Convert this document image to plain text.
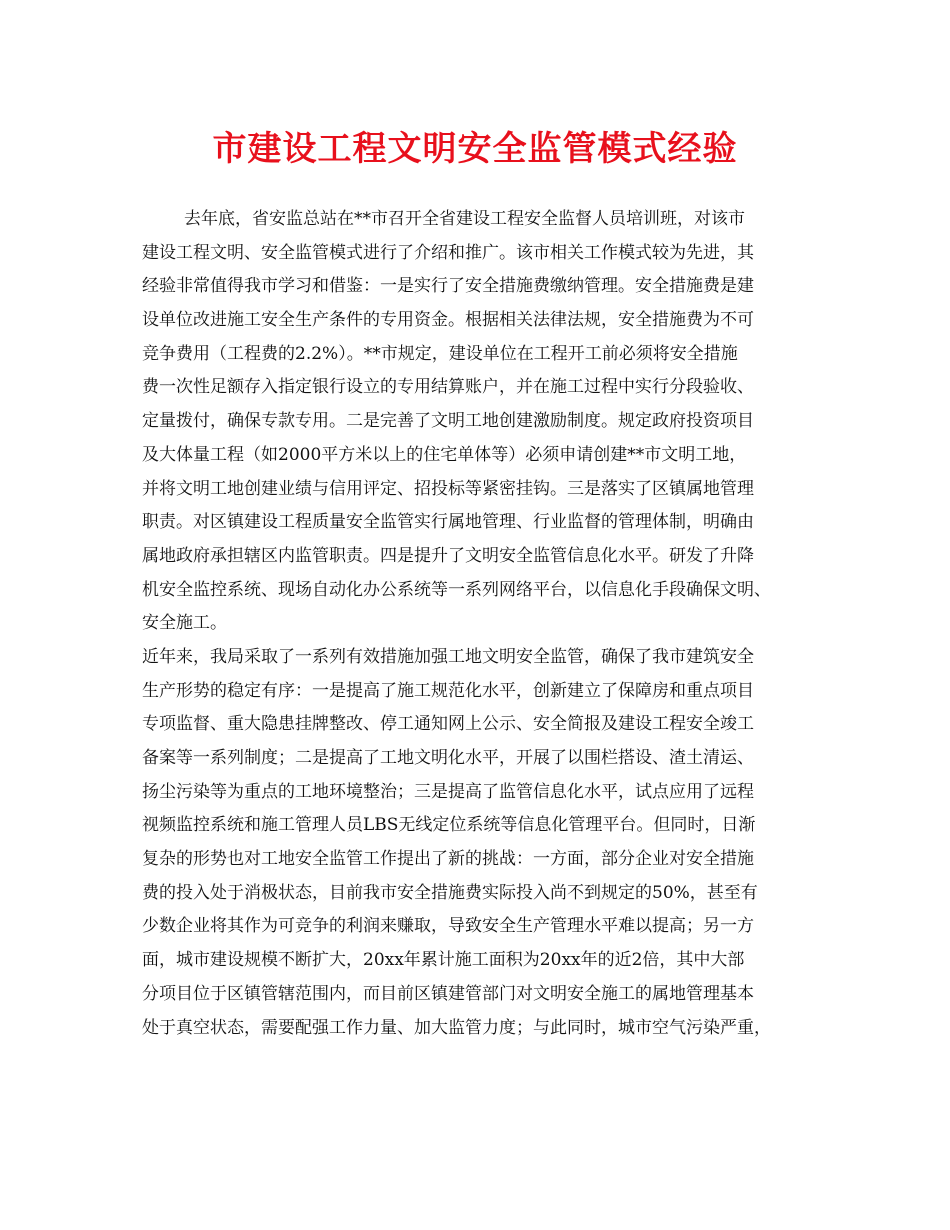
市建设工程文明安全监管模式经验
去年底，省安监总站在**市召开全省建设工程安全监督人员培训班，对该市
建设工程文明、安全监管模式进行了介绍和推广。该市相关工作模式较为先进，其
经验非常值得我市学习和借鉴：一是实行了安全措施费缴纳管理。安全措施费是建
设单位改进施工安全生产条件的专用资金。根据相关法律法规，安全措施费为不可
竞争费用（工程费的2.2%）。**市规定，建设单位在工程开工前必须将安全措施
费一次性足额存入指定银行设立的专用结算账户，并在施工过程中实行分段验收、
定量拨付，确保专款专用。二是完善了文明工地创建激励制度。规定政府投资项目
及大体量工程（如2000平方米以上的住宅单体等）必须申请创建**市文明工地，
并将文明工地创建业绩与信用评定、招投标等紧密挂钩。三是落实了区镇属地管理
职责。对区镇建设工程质量安全监管实行属地管理、行业监督的管理体制，明确由
属地政府承担辖区内监管职责。四是提升了文明安全监管信息化水平。研发了升降
机安全监控系统、现场自动化办公系统等一系列网络平台，以信息化手段确保文明、
安全施工。
近年来，我局采取了一系列有效措施加强工地文明安全监管，确保了我市建筑安全
生产形势的稳定有序：一是提高了施工规范化水平，创新建立了保障房和重点项目
专项监督、重大隐患挂牌整改、停工通知网上公示、安全简报及建设工程安全竣工
备案等一系列制度；二是提高了工地文明化水平，开展了以围栏搭设、渣土清运、
扬尘污染等为重点的工地环境整治；三是提高了监管信息化水平，试点应用了远程
视频监控系统和施工管理人员LBS无线定位系统等信息化管理平台。但同时，日渐
复杂的形势也对工地安全监管工作提出了新的挑战：一方面，部分企业对安全措施
费的投入处于消极状态，目前我市安全措施费实际投入尚不到规定的50%，甚至有
少数企业将其作为可竞争的利润来赚取，导致安全生产管理水平难以提高；另一方
面，城市建设规模不断扩大，20xx年累计施工面积为20xx年的近2倍，其中大部
分项目位于区镇管辖范围内，而目前区镇建管部门对文明安全施工的属地管理基本
处于真空状态，需要配强工作力量、加大监管力度；与此同时，城市空气污染严重，
